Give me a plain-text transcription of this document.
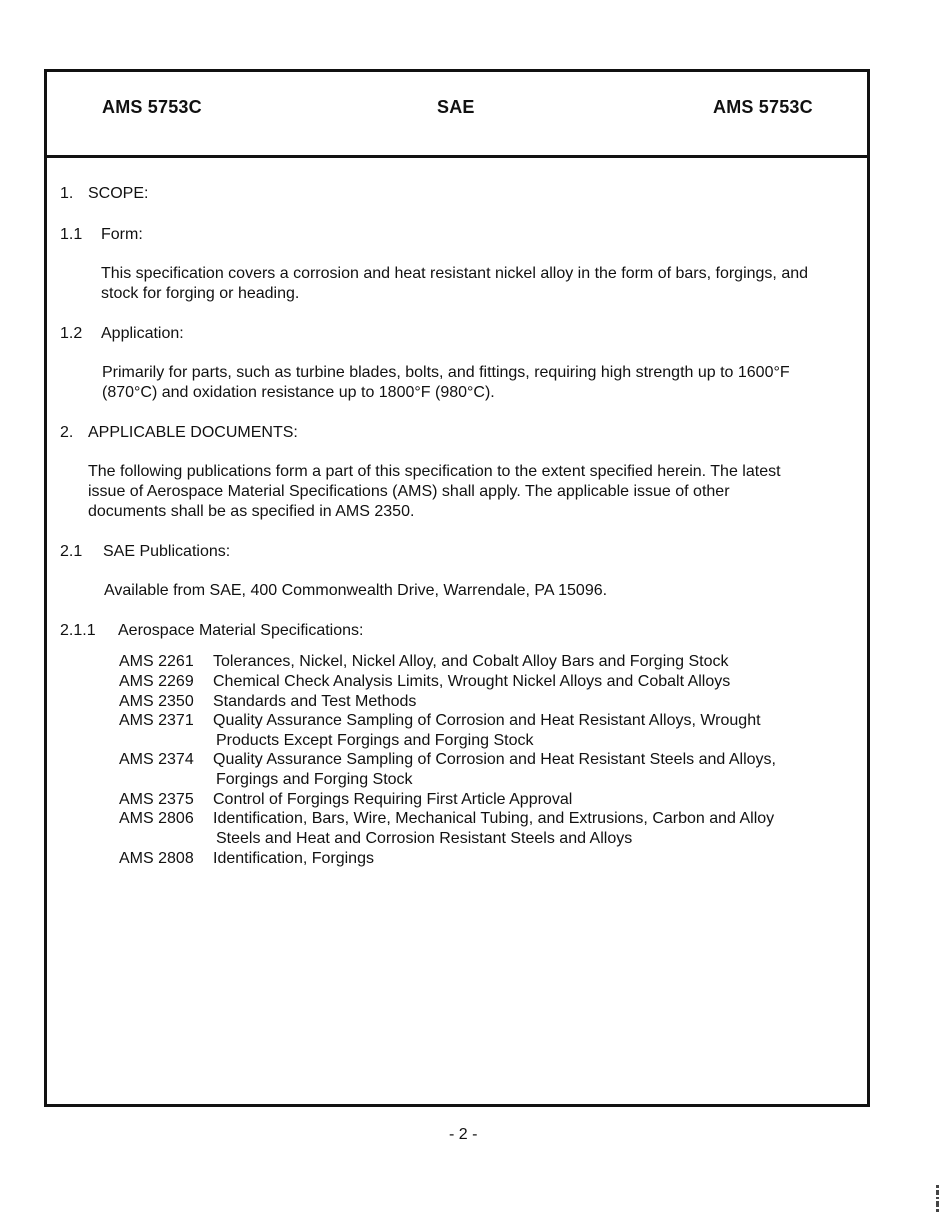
AMS 5753C	SAE	AMS 5753C
1. SCOPE:
1.1 Form:
This specification covers a corrosion and heat resistant nickel alloy in the form of bars, forgings, and
stock for forging or heading.
1.2 Application:
Primarily for parts, such as turbine blades, bolts, and fittings, requiring high strength up to 1600°F
(870°C) and oxidation resistance up to 1800°F (980°C).
2. APPLICABLE DOCUMENTS:
The following publications form a part of this specification to the extent specified herein. The latest
issue of Aerospace Material Specifications (AMS) shall apply. The applicable issue of other
documents shall be as specified in AMS 2350.
2.1 SAE Publications:
Available from SAE, 400 Commonwealth Drive, Warrendale, PA 15096.
2.1.1 Aerospace Material Specifications:
AMS 2261 Tolerances, Nickel, Nickel Alloy, and Cobalt Alloy Bars and Forging Stock
AMS 2269 Chemical Check Analysis Limits, Wrought Nickel Alloys and Cobalt Alloys
AMS 2350 Standards and Test Methods
AMS 2371 Quality Assurance Sampling of Corrosion and Heat Resistant Alloys, Wrought
Products Except Forgings and Forging Stock
AMS 2374 Quality Assurance Sampling of Corrosion and Heat Resistant Steels and Alloys,
Forgings and Forging Stock
AMS 2375 Control of Forgings Requiring First Article Approval
AMS 2806 Identification, Bars, Wire, Mechanical Tubing, and Extrusions, Carbon and Alloy
Steels and Heat and Corrosion Resistant Steels and Alloys
AMS 2808 Identification, Forgings
- 2 -
